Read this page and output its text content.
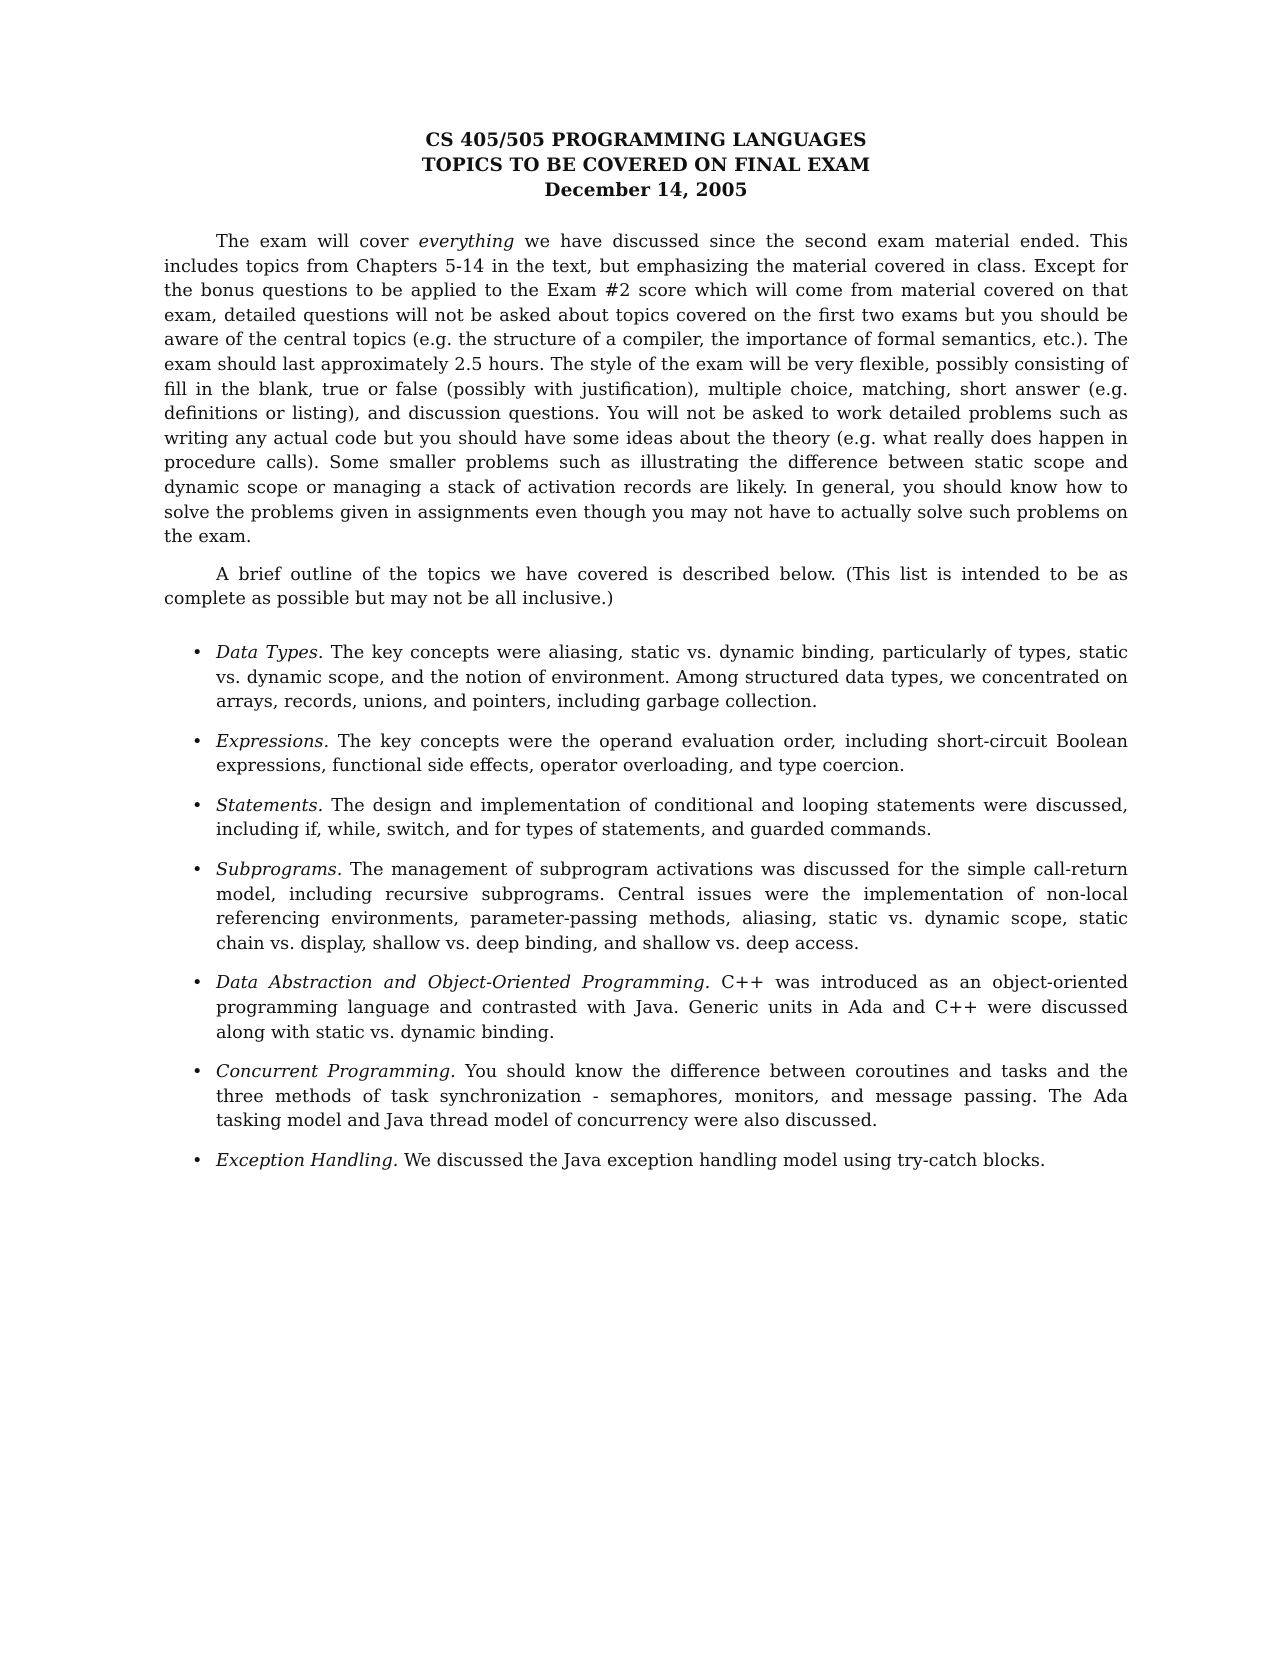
CS 405/505 PROGRAMMING LANGUAGES
TOPICS TO BE COVERED ON FINAL EXAM
December 14, 2005

The exam will cover everything we have discussed since the second exam material ended. This includes topics from Chapters 5-14 in the text, but emphasizing the material covered in class. Except for the bonus questions to be applied to the Exam #2 score which will come from material covered on that exam, detailed questions will not be asked about topics covered on the first two exams but you should be aware of the central topics (e.g. the structure of a compiler, the importance of formal semantics, etc.). The exam should last approximately 2.5 hours. The style of the exam will be very flexible, possibly consisting of fill in the blank, true or false (possibly with justification), multiple choice, matching, short answer (e.g. definitions or listing), and discussion questions. You will not be asked to work detailed problems such as writing any actual code but you should have some ideas about the theory (e.g. what really does happen in procedure calls). Some smaller problems such as illustrating the difference between static scope and dynamic scope or managing a stack of activation records are likely. In general, you should know how to solve the problems given in assignments even though you may not have to actually solve such problems on the exam.

A brief outline of the topics we have covered is described below. (This list is intended to be as complete as possible but may not be all inclusive.)

• Data Types. The key concepts were aliasing, static vs. dynamic binding, particularly of types, static vs. dynamic scope, and the notion of environment. Among structured data types, we concentrated on arrays, records, unions, and pointers, including garbage collection.
• Expressions. The key concepts were the operand evaluation order, including short-circuit Boolean expressions, functional side effects, operator overloading, and type coercion.
• Statements. The design and implementation of conditional and looping statements were discussed, including if, while, switch, and for types of statements, and guarded commands.
• Subprograms. The management of subprogram activations was discussed for the simple call-return model, including recursive subprograms. Central issues were the implementation of non-local referencing environments, parameter-passing methods, aliasing, static vs. dynamic scope, static chain vs. display, shallow vs. deep binding, and shallow vs. deep access.
• Data Abstraction and Object-Oriented Programming. C++ was introduced as an object-oriented programming language and contrasted with Java. Generic units in Ada and C++ were discussed along with static vs. dynamic binding.
• Concurrent Programming. You should know the difference between coroutines and tasks and the three methods of task synchronization - semaphores, monitors, and message passing. The Ada tasking model and Java thread model of concurrency were also discussed.
• Exception Handling. We discussed the Java exception handling model using try-catch blocks.
